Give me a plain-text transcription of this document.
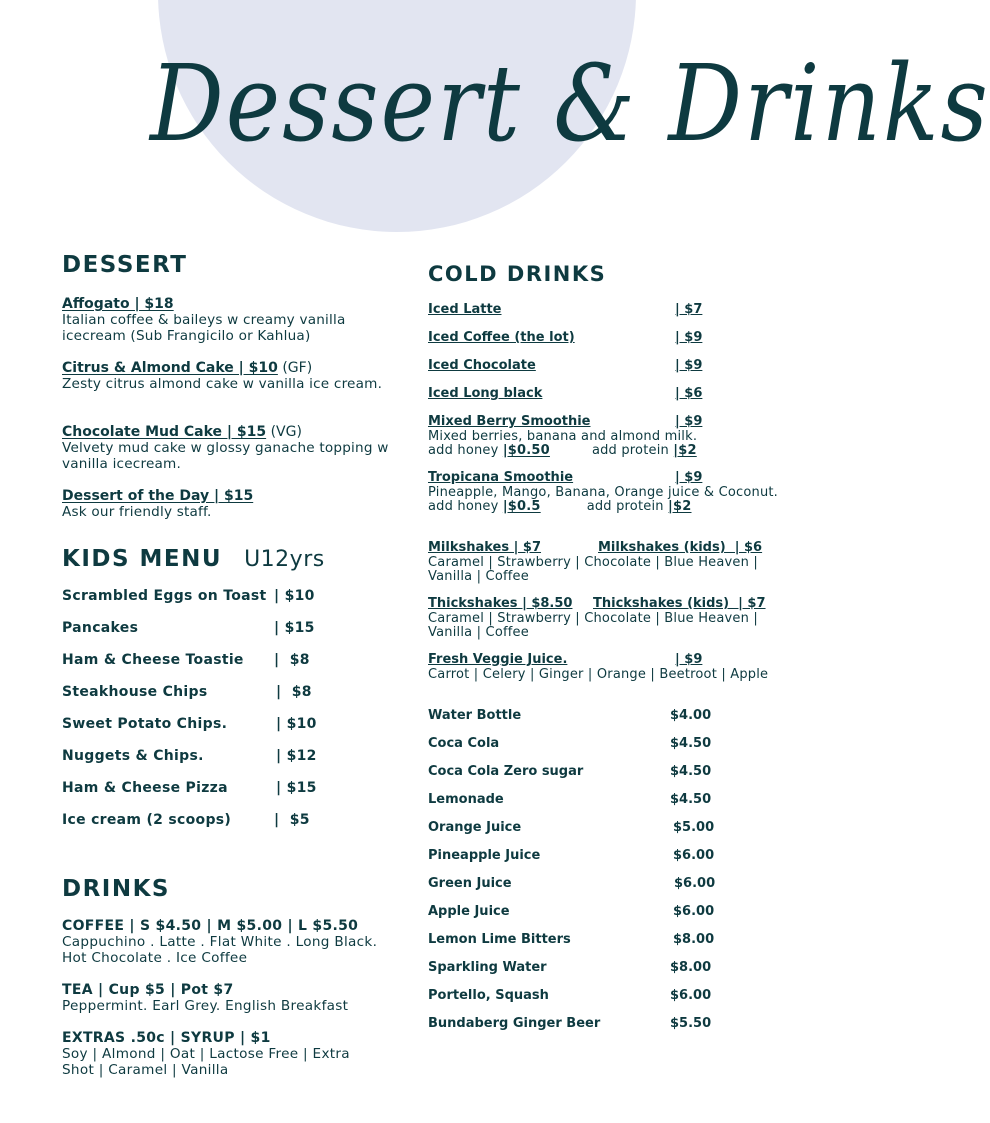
Dessert & Drinks
DESSERT
Affogato | $18
Italian coffee & baileys w creamy vanilla icecream (Sub Frangicilo or Kahlua)
Citrus & Almond Cake | $10 (GF)
Zesty citrus almond cake w vanilla ice cream.
Chocolate Mud Cake | $15 (VG)
Velvety mud cake w glossy ganache topping w vanilla icecream.
Dessert of the Day | $15
Ask our friendly staff.
KIDS MENU U12yrs
Scrambled Eggs on Toast | $10
Pancakes	| $15
Ham & Cheese Toastie |  $8
Steakhouse Chips	|  $8
Sweet Potato Chips.	| $10
Nuggets & Chips.	| $12
Ham & Cheese Pizza	| $15
Ice cream (2 scoops)	|  $5
DRINKS
COFFEE | S $4.50 | M $5.00 | L $5.50
Cappuchino . Latte . Flat White . Long Black. Hot Chocolate . Ice Coffee
TEA | Cup $5 | Pot $7
Peppermint. Earl Grey. English Breakfast
EXTRAS .50c | SYRUP | $1
Soy | Almond | Oat | Lactose Free | Extra Shot | Caramel | Vanilla
COLD DRINKS
Iced Latte	| $7
Iced Coffee (the lot)	| $9
Iced Chocolate	| $9
Iced Long black	| $6
Mixed Berry Smoothie	| $9
Mixed berries, banana and almond milk.
add honey |$0.50	add protein |$2
Tropicana Smoothie	| $9
Pineapple, Mango, Banana, Orange juice & Coconut.
add honey |$0.5	add protein |$2
Milkshakes | $7	Milkshakes (kids)  | $6
Caramel | Strawberry | Chocolate | Blue Heaven | Vanilla | Coffee
Thickshakes | $8.50 Thickshakes (kids)  | $7
Caramel | Strawberry | Chocolate | Blue Heaven | Vanilla | Coffee
Fresh Veggie Juice.	| $9
Carrot | Celery | Ginger | Orange | Beetroot | Apple
Water Bottle	$4.00
Coca Cola	$4.50
Coca Cola Zero sugar	$4.50
Lemonade	$4.50
Orange Juice	$5.00
Pineapple Juice	$6.00
Green Juice	$6.00
Apple Juice	$6.00
Lemon Lime Bitters	$8.00
Sparkling Water	$8.00
Portello, Squash	$6.00
Bundaberg Ginger Beer	$5.50
